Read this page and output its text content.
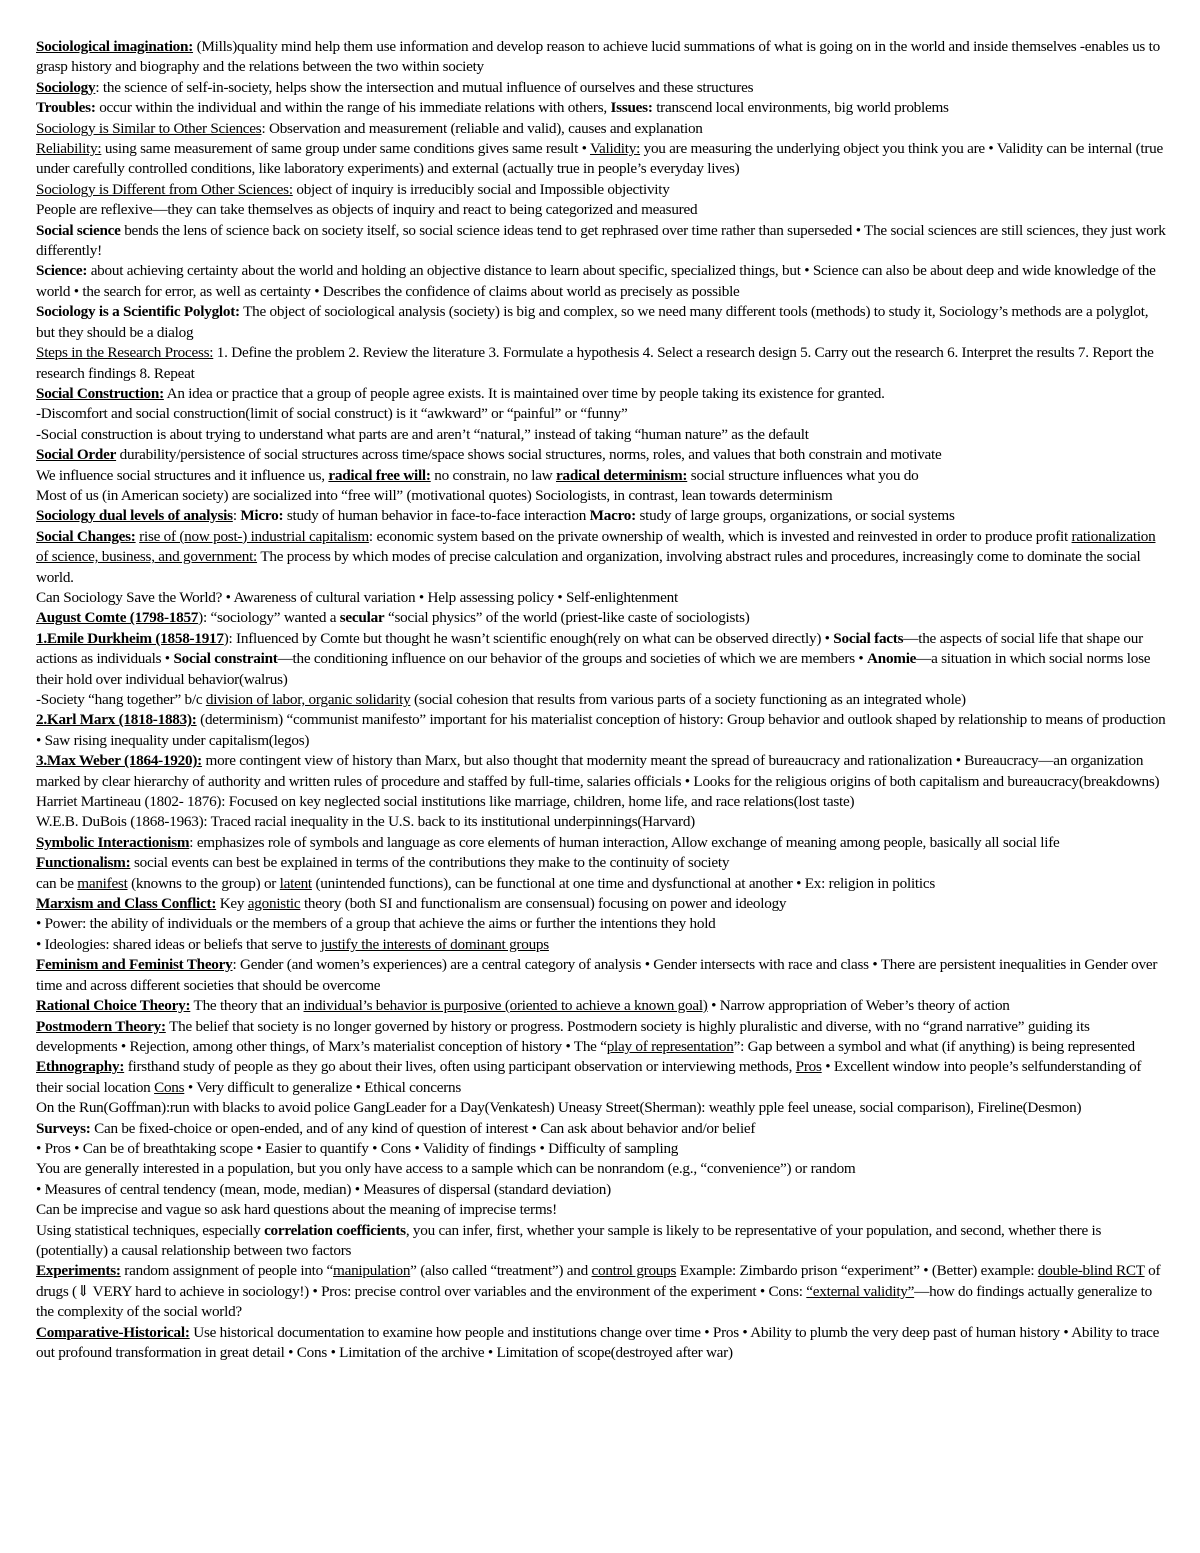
Sociological imagination: (Mills)quality mind help them use information and develop reason to achieve lucid summations of what is going on in the world and inside themselves -enables us to grasp history and biography and the relations between the two within society

Sociology: the science of self-in-society, helps show the intersection and mutual influence of ourselves and these structures

Troubles: occur within the individual and within the range of his immediate relations with others, Issues: transcend local environments, big world problems

Sociology is Similar to Other Sciences: Observation and measurement (reliable and valid), causes and explanation

Reliability: using same measurement of same group under same conditions gives same result • Validity: you are measuring the underlying object you think you are • Validity can be internal (true under carefully controlled conditions, like laboratory experiments) and external (actually true in people’s everyday lives)

Sociology is Different from Other Sciences: object of inquiry is irreducibly social and Impossible objectivity

People are reflexive—they can take themselves as objects of inquiry and react to being categorized and measured

Social science bends the lens of science back on society itself, so social science ideas tend to get rephrased over time rather than superseded • The social sciences are still sciences, they just work differently!

Science: about achieving certainty about the world and holding an objective distance to learn about specific, specialized things, but • Science can also be about deep and wide knowledge of the world • the search for error, as well as certainty • Describes the confidence of claims about world as precisely as possible

Sociology is a Scientific Polyglot: The object of sociological analysis (society) is big and complex, so we need many different tools (methods) to study it, Sociology’s methods are a polyglot, but they should be a dialog

Steps in the Research Process: 1. Define the problem 2. Review the literature 3. Formulate a hypothesis 4. Select a research design 5. Carry out the research 6. Interpret the results 7. Report the research findings 8. Repeat

Social Construction: An idea or practice that a group of people agree exists. It is maintained over time by people taking its existence for granted.

-Discomfort and social construction(limit of social construct) is it “awkward” or “painful” or “funny”

-Social construction is about trying to understand what parts are and aren’t “natural,” instead of taking “human nature” as the default

Social Order durability/persistence of social structures across time/space shows social structures, norms, roles, and values that both constrain and motivate

We influence social structures and it influence us, radical free will: no constrain, no law radical determinism: social structure influences what you do

Most of us (in American society) are socialized into “free will” (motivational quotes) Sociologists, in contrast, lean towards determinism

Sociology dual levels of analysis: Micro: study of human behavior in face-to-face interaction Macro: study of large groups, organizations, or social systems

Social Changes: rise of (now post-) industrial capitalism: economic system based on the private ownership of wealth, which is invested and reinvested in order to produce profit rationalization of science, business, and government: The process by which modes of precise calculation and organization, involving abstract rules and procedures, increasingly come to dominate the social world.

Can Sociology Save the World? • Awareness of cultural variation • Help assessing policy • Self-enlightenment

August Comte (1798-1857): “sociology” wanted a secular “social physics” of the world (priest-like caste of sociologists)

1.Emile Durkheim (1858-1917): Influenced by Comte but thought he wasn’t scientific enough(rely on what can be observed directly) • Social facts—the aspects of social life that shape our actions as individuals • Social constraint—the conditioning influence on our behavior of the groups and societies of which we are members • Anomie—a situation in which social norms lose their hold over individual behavior(walrus)

-Society “hang together” b/c division of labor, organic solidarity (social cohesion that results from various parts of a society functioning as an integrated whole)

2.Karl Marx (1818-1883): (determinism) “communist manifesto” important for his materialist conception of history: Group behavior and outlook shaped by relationship to means of production • Saw rising inequality under capitalism(legos)

3.Max Weber (1864-1920): more contingent view of history than Marx, but also thought that modernity meant the spread of bureaucracy and rationalization • Bureaucracy—an organization marked by clear hierarchy of authority and written rules of procedure and staffed by full-time, salaries officials • Looks for the religious origins of both capitalism and bureaucracy(breakdowns)

Harriet Martineau (1802- 1876): Focused on key neglected social institutions like marriage, children, home life, and race relations(lost taste)

W.E.B. DuBois (1868-1963): Traced racial inequality in the U.S. back to its institutional underpinnings(Harvard)

Symbolic Interactionism: emphasizes role of symbols and language as core elements of human interaction, Allow exchange of meaning among people, basically all social life

Functionalism: social events can best be explained in terms of the contributions they make to the continuity of society

can be manifest (knowns to the group) or latent (unintended functions), can be functional at one time and dysfunctional at another • Ex: religion in politics

Marxism and Class Conflict: Key agonistic theory (both SI and functionalism are consensual) focusing on power and ideology

• Power: the ability of individuals or the members of a group that achieve the aims or further the intentions they hold

• Ideologies: shared ideas or beliefs that serve to justify the interests of dominant groups

Feminism and Feminist Theory: Gender (and women’s experiences) are a central category of analysis • Gender intersects with race and class • There are persistent inequalities in Gender over time and across different societies that should be overcome

Rational Choice Theory: The theory that an individual’s behavior is purposive (oriented to achieve a known goal) • Narrow appropriation of Weber’s theory of action

Postmodern Theory: The belief that society is no longer governed by history or progress. Postmodern society is highly pluralistic and diverse, with no “grand narrative” guiding its developments • Rejection, among other things, of Marx’s materialist conception of history • The “play of representation”: Gap between a symbol and what (if anything) is being represented

Ethnography: firsthand study of people as they go about their lives, often using participant observation or interviewing methods, Pros • Excellent window into people’s selfunderstanding of their social location Cons • Very difficult to generalize • Ethical concerns

On the Run(Goffman):run with blacks to avoid police GangLeader for a Day(Venkatesh) Uneasy Street(Sherman): weathly pple feel unease, social comparison), Fireline(Desmon)

Surveys: Can be fixed-choice or open-ended, and of any kind of question of interest • Can ask about behavior and/or belief

• Pros • Can be of breathtaking scope • Easier to quantify • Cons • Validity of findings • Difficulty of sampling

You are generally interested in a population, but you only have access to a sample which can be nonrandom (e.g., “convenience”) or random

• Measures of central tendency (mean, mode, median) • Measures of dispersal (standard deviation)

Can be imprecise and vague so ask hard questions about the meaning of imprecise terms!

Using statistical techniques, especially correlation coefficients, you can infer, first, whether your sample is likely to be representative of your population, and second, whether there is (potentially) a causal relationship between two factors

Experiments: random assignment of people into “manipulation” (also called “treatment”) and control groups Example: Zimbardo prison “experiment” • (Better) example: double-blind RCT of drugs (⇓ VERY hard to achieve in sociology!) • Pros: precise control over variables and the environment of the experiment • Cons: “external validity”—how do findings actually generalize to the complexity of the social world?

Comparative-Historical: Use historical documentation to examine how people and institutions change over time • Pros • Ability to plumb the very deep past of human history • Ability to trace out profound transformation in great detail • Cons • Limitation of the archive • Limitation of scope(destroyed after war)
